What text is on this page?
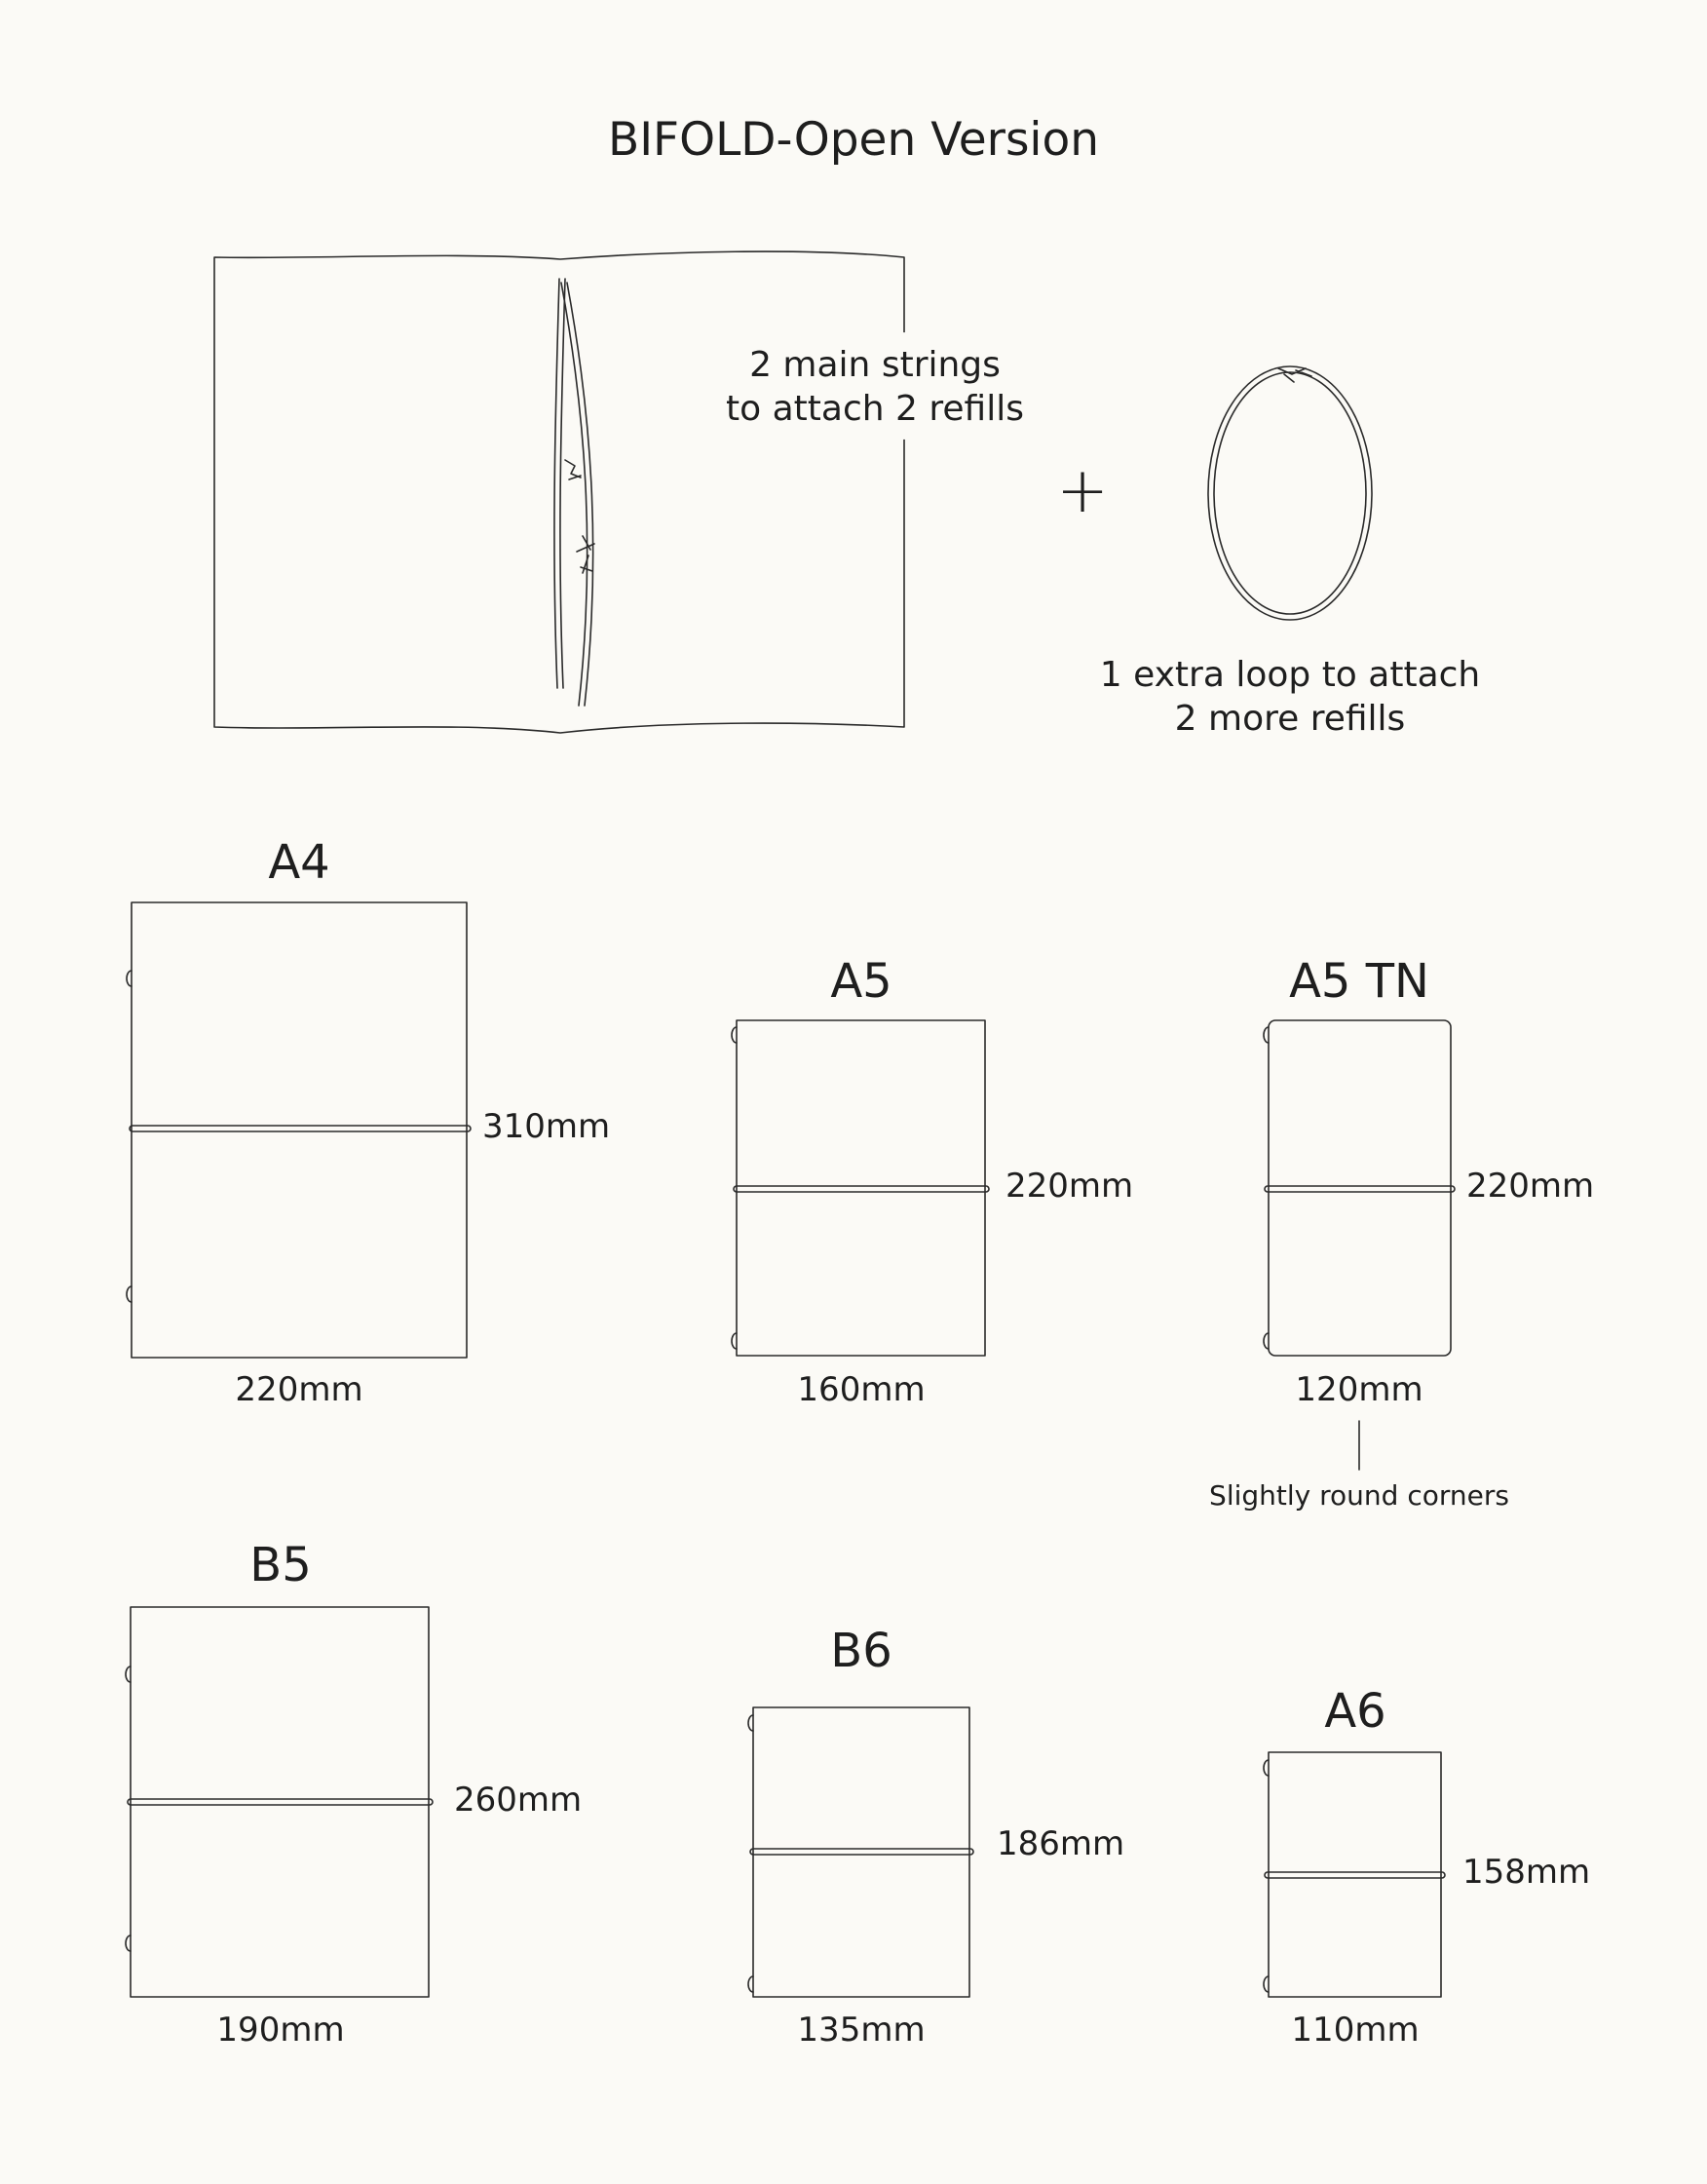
BIFOLD-Open Version
2 main strings
to attach 2 refills
+
1 extra loop to attach
2 more refills
A4
310mm
220mm
A5
220mm
160mm
A5 TN
220mm
120mm
Slightly round corners
B5
260mm
190mm
B6
186mm
135mm
A6
158mm
110mm
